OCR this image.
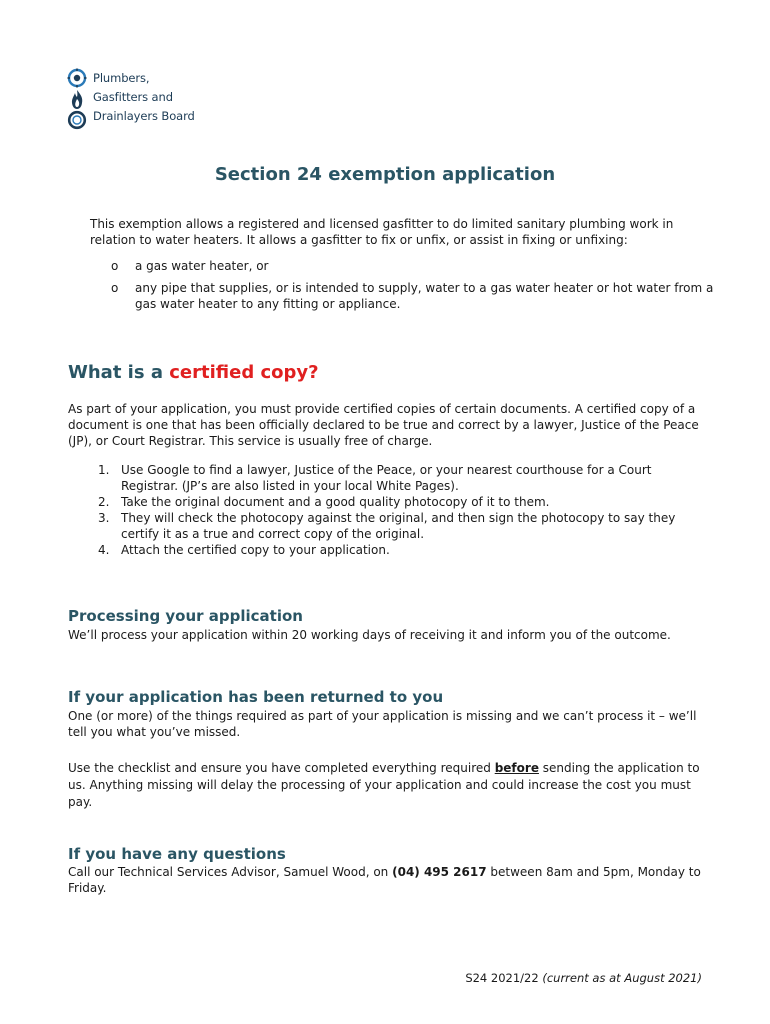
Plumbers,
Gasfitters and
Drainlayers Board
Section 24 exemption application
This exemption allows a registered and licensed gasfitter to do limited sanitary plumbing work in relation to water heaters. It allows a gasfitter to fix or unfix, or assist in fixing or unfixing:
o a gas water heater, or
o any pipe that supplies, or is intended to supply, water to a gas water heater or hot water from a gas water heater to any fitting or appliance.
What is a certified copy?
As part of your application, you must provide certified copies of certain documents. A certified copy of a document is one that has been officially declared to be true and correct by a lawyer, Justice of the Peace (JP), or Court Registrar. This service is usually free of charge.
1. Use Google to find a lawyer, Justice of the Peace, or your nearest courthouse for a Court Registrar. (JP’s are also listed in your local White Pages).
2. Take the original document and a good quality photocopy of it to them.
3. They will check the photocopy against the original, and then sign the photocopy to say they certify it as a true and correct copy of the original.
4. Attach the certified copy to your application.
Processing your application
We’ll process your application within 20 working days of receiving it and inform you of the outcome.
If your application has been returned to you
One (or more) of the things required as part of your application is missing and we can’t process it – we’ll tell you what you’ve missed.
Use the checklist and ensure you have completed everything required before sending the application to us. Anything missing will delay the processing of your application and could increase the cost you must pay.
If you have any questions
Call our Technical Services Advisor, Samuel Wood, on (04) 495 2617 between 8am and 5pm, Monday to Friday.
S24 2021/22 (current as at August 2021)
